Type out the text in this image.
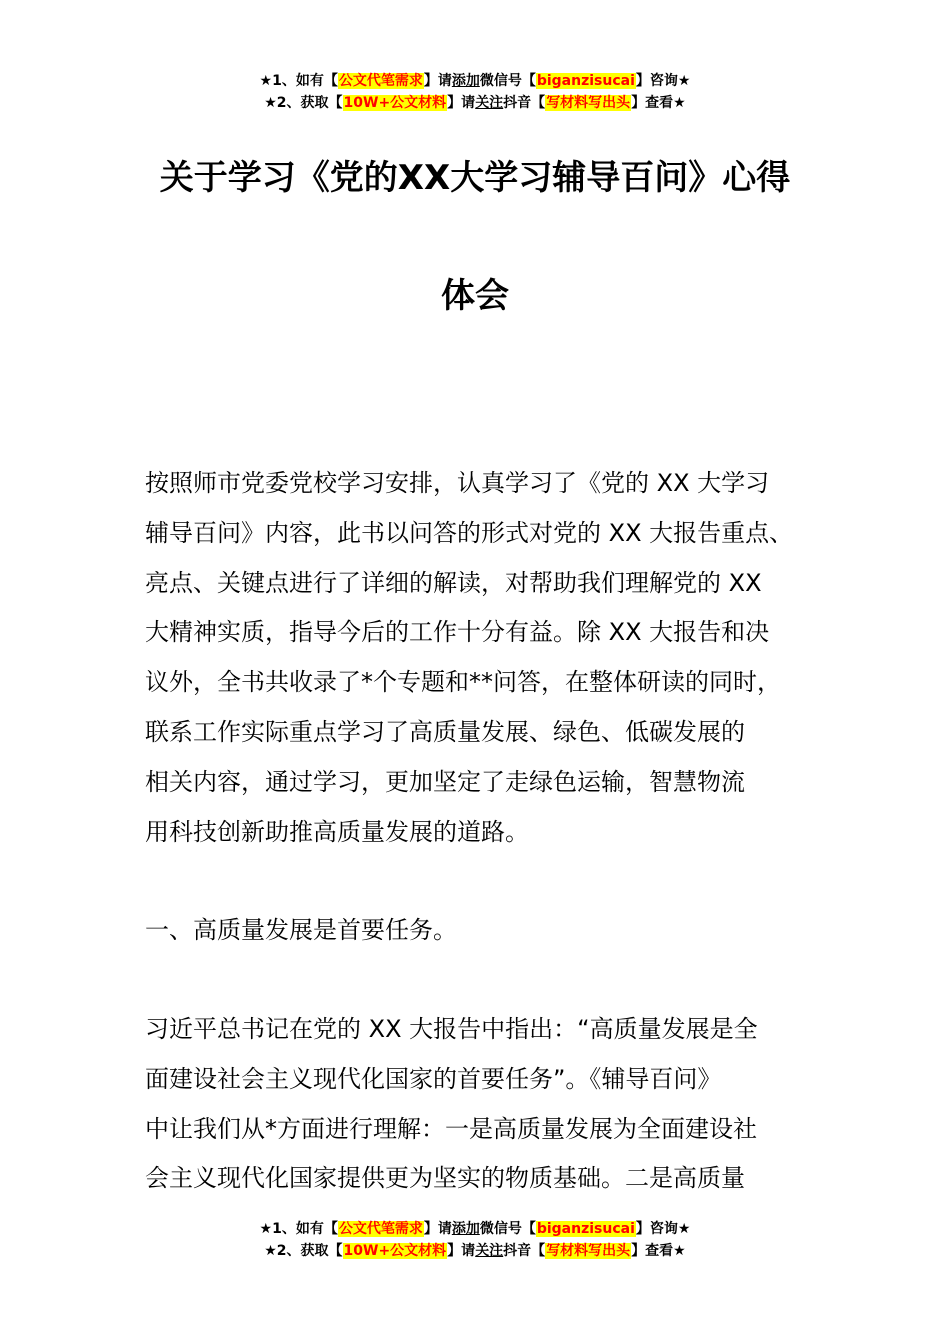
★1、如有【公文代笔需求】请添加微信号【biganzisucai】咨询★
★2、获取【10W+公文材料】请关注抖音【写材料写出头】查看★
关于学习《党的XX大学习辅导百问》心得
体会
按照师市党委党校学习安排，认真学习了《党的 XX 大学习
辅导百问》内容，此书以问答的形式对党的 XX 大报告重点、
亮点、关键点进行了详细的解读，对帮助我们理解党的 XX
大精神实质，指导今后的工作十分有益。除 XX 大报告和决
议外，全书共收录了*个专题和**问答，在整体研读的同时，
联系工作实际重点学习了高质量发展、绿色、低碳发展的
相关内容，通过学习，更加坚定了走绿色运输，智慧物流
用科技创新助推高质量发展的道路。
一、高质量发展是首要任务。
习近平总书记在党的 XX 大报告中指出：“高质量发展是全
面建设社会主义现代化国家的首要任务”。《辅导百问》
中让我们从*方面进行理解：一是高质量发展为全面建设社
会主义现代化国家提供更为坚实的物质基础。二是高质量
★1、如有【公文代笔需求】请添加微信号【biganzisucai】咨询★
★2、获取【10W+公文材料】请关注抖音【写材料写出头】查看★
